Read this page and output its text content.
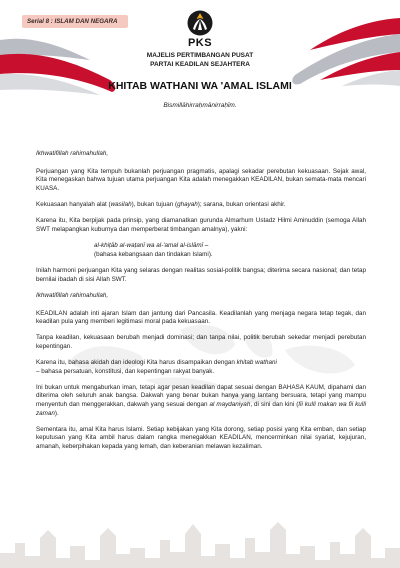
Serial 8 : ISLAM DAN NEGARA
PKS
MAJELIS PERTIMBANGAN PUSAT
PARTAI KEADILAN SEJAHTERA
KHITAB WATHANI WA 'AMAL ISLAMI
Bismillāhirraḥmānirraḥīm.

Ikhwatifillah rahimahullah,

Perjuangan yang Kita tempuh bukanlah perjuangan pragmatis, apalagi sekadar perebutan kekuasaan. Sejak awal, Kita menegaskan bahwa tujuan utama perjuangan Kita adalah menegakkan KEADILAN, bukan semata-mata mencari KUASA.

Kekuasaan hanyalah alat (wasilah), bukan tujuan (ghayah); sarana, bukan orientasi akhir.

Karena itu, Kita berpijak pada prinsip, yang diamanatkan gurunda Almarhum Ustadz Hilmi Aminuddin (semoga Allah SWT melapangkan kuburnya dan memperberat timbangan amalnya), yakni:

al-khiṭāb al-waṭanī wa al-'amal al-islāmī –
(bahasa kebangsaan dan tindakan Islami).

Inilah harmoni perjuangan Kita yang selaras dengan realitas sosial-politik bangsa; diterima secara nasional; dan tetap bernilai ibadah di sisi Allah SWT.

Ikhwatifillah rahimahullah,

KEADILAN adalah inti ajaran Islam dan jantung dari Pancasila. Keadilanlah yang menjaga negara tetap tegak, dan keadilan pula yang memberi legitimasi moral pada kekuasaan.

Tanpa keadilan, kekuasaan berubah menjadi dominasi; dan tanpa nilai, politik berubah sekedar menjadi perebutan kepentingan.

Karena itu, bahasa akidah dan ideologi Kita harus disampaikan dengan khitab wathani
– bahasa persatuan, konstitusi, dan kepentingan rakyat banyak.

Ini bukan untuk mengaburkan iman, tetapi agar pesan keadilan dapat sesuai dengan BAHASA KAUM, dipahami dan diterima oleh seluruh anak bangsa. Dakwah yang benar bukan hanya yang lantang bersuara, tetapi yang mampu menyentuh dan menggerakkan, dakwah yang sesuai dengan al maydaniyah, di sini dan kini (fii kulli makan wa fii kulli zaman).

Sementara itu, amal Kita harus Islami. Setiap kebijakan yang Kita dorong, setiap posisi yang Kita emban, dan setiap keputusan yang Kita ambil harus dalam rangka menegakkan KEADILAN, mencerminkan nilai syariat, kejujuran, amanah, keberpihakan kepada yang lemah, dan keberanian melawan kezaliman.
